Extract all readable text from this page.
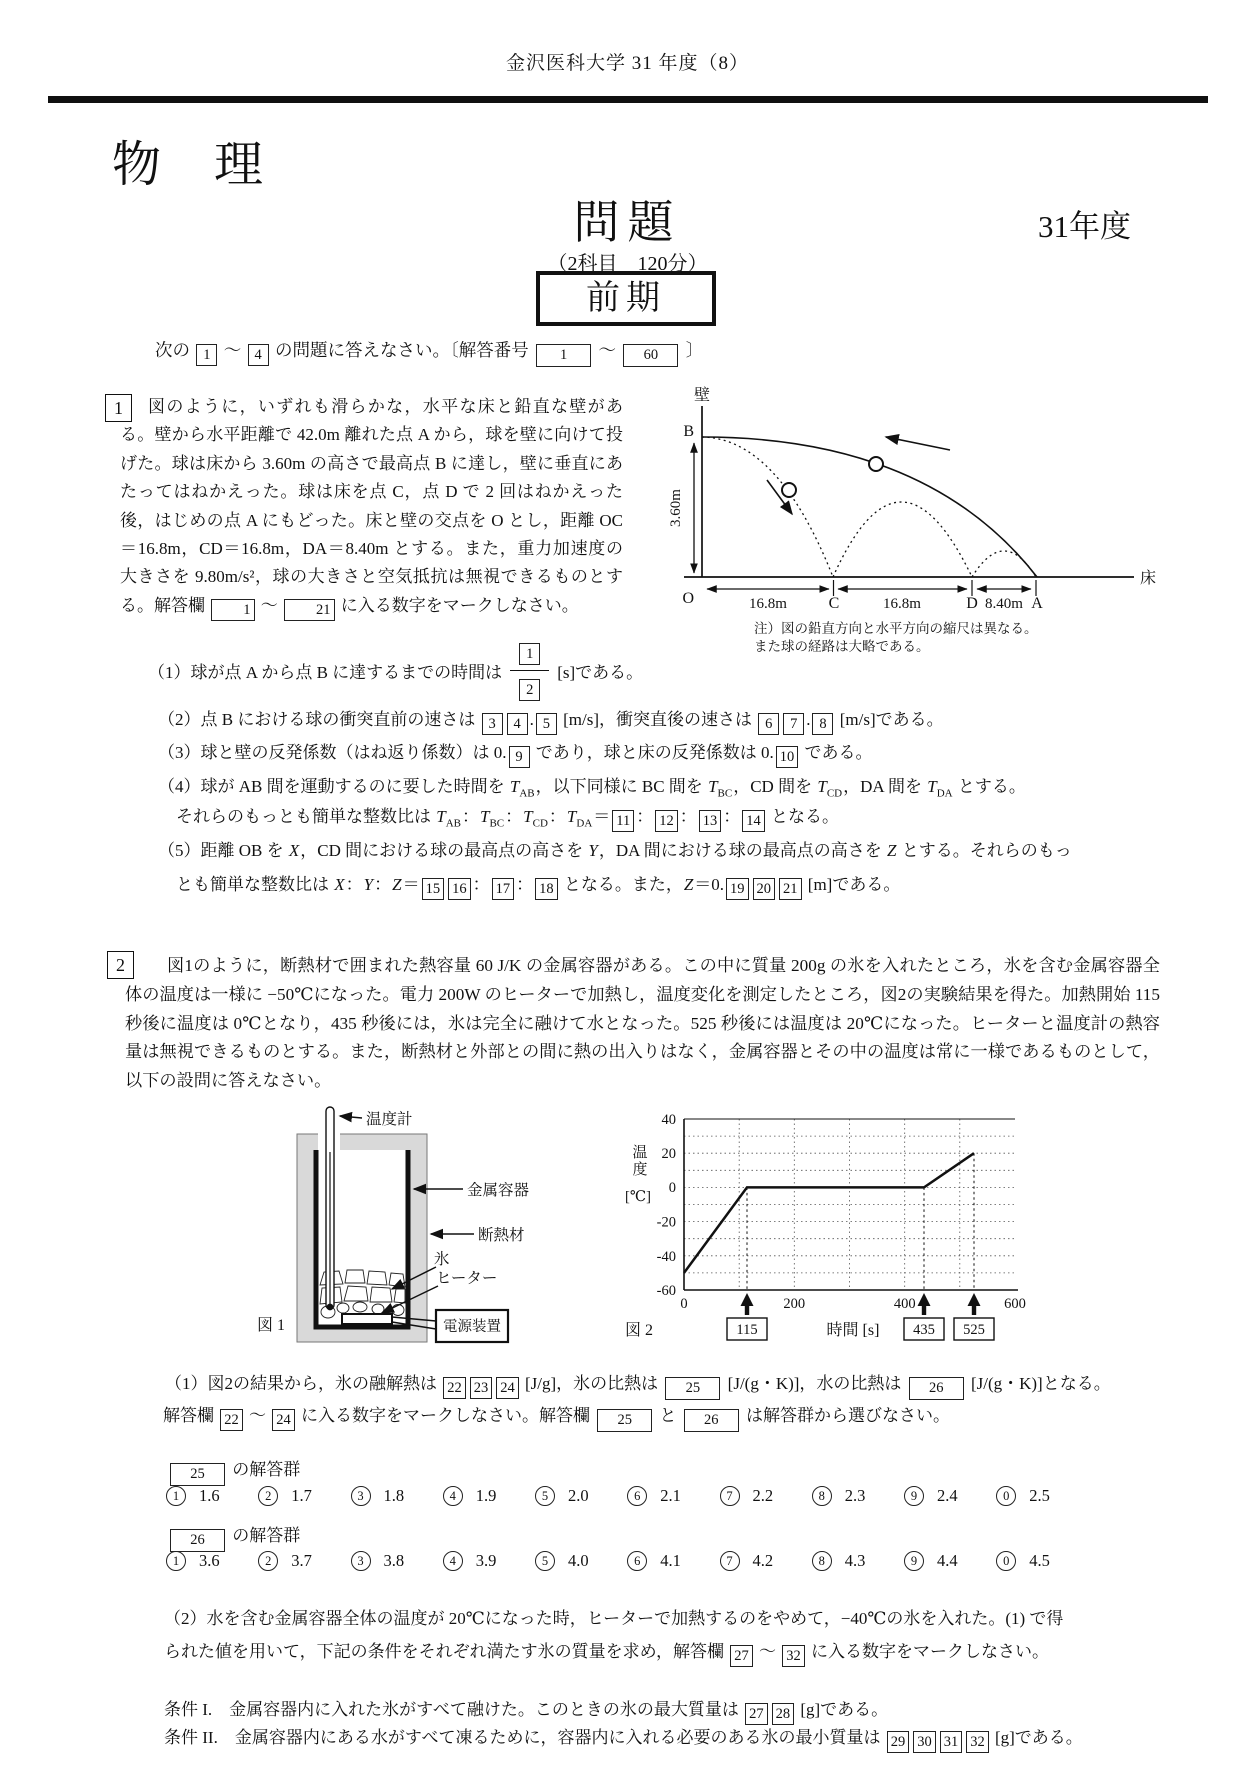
金沢医科大学 31 年度（8）
物　理
問題	31年度
（2科目　120分）
前期
次の 1 ～ 4 の問題に答えなさい。〔解答番号 1 ～ 60 〕
1	図のように，いずれも滑らかな，水平な床と鉛直な壁がある。壁から水平距離で 42.0m 離れた点 A から，球を壁に向けて投げた。球は床から 3.60m の高さで最高点 B に達し，壁に垂直にあたってはねかえった。球は床を点 C，点 D で 2 回はねかえった後，はじめの点 A にもどった。床と壁の交点を O とし，距離 OC＝16.8m，CD＝16.8m，DA＝8.40m とする。また，重力加速度の大きさを 9.80m/s²，球の大きさと空気抵抗は無視できるものとする。解答欄 1 ～ 21 に入る数字をマークしなさい。
壁
床
B
O
3.60m
16.8m	C	16.8m	D 8.40m A
注）図の鉛直方向と水平方向の縮尺は異なる。
また球の経路は大略である。
（1）球が点 A から点 B に達するまでの時間は $\frac{1}{2} [s]$である。
（2）点 B における球の衝突直前の速さは 3 4 . 5 [m/s]，衝突直後の速さは 6 7 . 8 [m/s]である。
（3）球と壁の反発係数（はね返り係数）は 0. 9 であり，球と床の反発係数は 0. 10 である。
（4）球が AB 間を運動するのに要した時間を $T_{AB}$，以下同様に BC 間を $T_{BC}$，CD 間を $T_{CD}$，DA 間を $T_{DA}$ とする。
それらのもっとも簡単な整数比は $T_{AB}$：$T_{BC}$：$T_{CD}$：$T_{DA}= 11$ ： 12 ： 13 ： 14 となる。
（5）距離 OB を X，CD 間における球の最高点の高さを Y，DA 間における球の最高点の高さを Z とする。それらのもっ
とも簡単な整数比は X：Y：Z＝ 15 16 ： 17 ： 18 となる。また，Z＝0. 19 20 21 [m]である。
2	図1のように，断熱材で囲まれた熱容量 60 J/K の金属容器がある。この中に質量 200g の氷を入れたところ，氷を含む金属容器全体の温度は一様に −50℃になった。電力 200W のヒーターで加熱し，温度変化を測定したところ，図2の実験結果を得た。加熱開始 115 秒後に温度は 0℃となり，435 秒後には，氷は完全に融けて水となった。525 秒後には温度は 20℃になった。ヒーターと温度計の熱容量は無視できるものとする。また，断熱材と外部との間に熱の出入りはなく，金属容器とその中の温度は常に一様であるものとして，以下の設問に答えなさい。
電源装置
温度計
金属容器
断熱材
氷
ヒーター
図 1
40
20
0
-20
-40
-60
0	200	400	600
温
度
[℃]
時間 [s]
115	435 525
図 2
（1）図2の結果から，氷の融解熱は 22 23 24 [J/g]，氷の比熱は 25 [J/(g・K)]，水の比熱は 26 [J/(g・K)]となる。
解答欄 22 ～ 24 に入る数字をマークしなさい。解答欄 25 と 26 は解答群から選びなさい。
25 の解答群
1	1.6	2	1.7	3	1.8	4	1.9	5	2.0	6	2.1	7	2.2	8	2.3	9	2.4	0	2.5
26 の解答群
1	3.6	2	3.7	3	3.8	4	3.9	5	4.0	6	4.1	7	4.2	8	4.3	9	4.4	0	4.5
（2）水を含む金属容器全体の温度が 20℃になった時，ヒーターで加熱するのをやめて，−40℃の氷を入れた。(1) で得
られた値を用いて，下記の条件をそれぞれ満たす氷の質量を求め，解答欄 27 ～ 32 に入る数字をマークしなさい。
条件 I.　金属容器内に入れた氷がすべて融けた。このときの氷の最大質量は 27 28 [g]である。
条件 II.　金属容器内にある水がすべて凍るために，容器内に入れる必要のある氷の最小質量は 29 30 31 32 [g]である。
